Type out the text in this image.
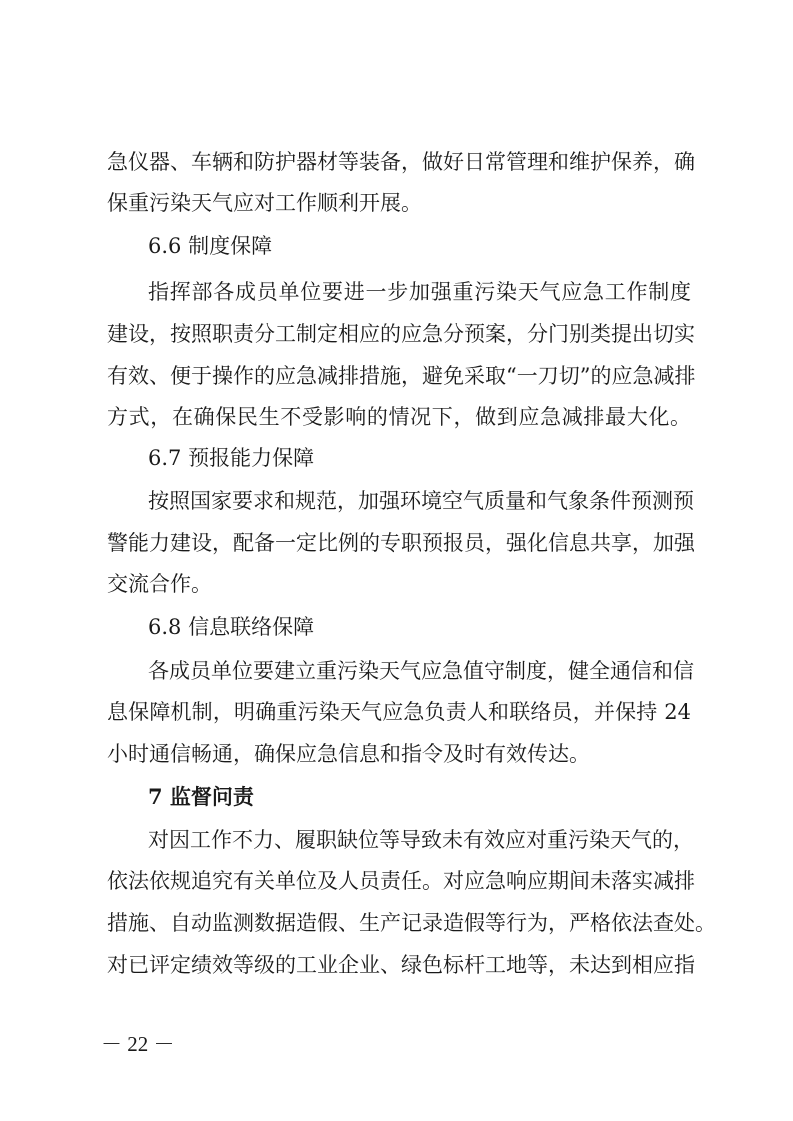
急仪器、车辆和防护器材等装备，做好日常管理和维护保养，确
保重污染天气应对工作顺利开展。
6.6 制度保障
指挥部各成员单位要进一步加强重污染天气应急工作制度
建设，按照职责分工制定相应的应急分预案，分门别类提出切实
有效、便于操作的应急减排措施，避免采取“一刀切”的应急减排
方式，在确保民生不受影响的情况下，做到应急减排最大化。
6.7 预报能力保障
按照国家要求和规范，加强环境空气质量和气象条件预测预
警能力建设，配备一定比例的专职预报员，强化信息共享，加强
交流合作。
6.8 信息联络保障
各成员单位要建立重污染天气应急值守制度，健全通信和信
息保障机制，明确重污染天气应急负责人和联络员，并保持 24
小时通信畅通，确保应急信息和指令及时有效传达。
7 监督问责
对因工作不力、履职缺位等导致未有效应对重污染天气的，
依法依规追究有关单位及人员责任。对应急响应期间未落实减排
措施、自动监测数据造假、生产记录造假等行为，严格依法查处。
对已评定绩效等级的工业企业、绿色标杆工地等，未达到相应指
－ 22 －
